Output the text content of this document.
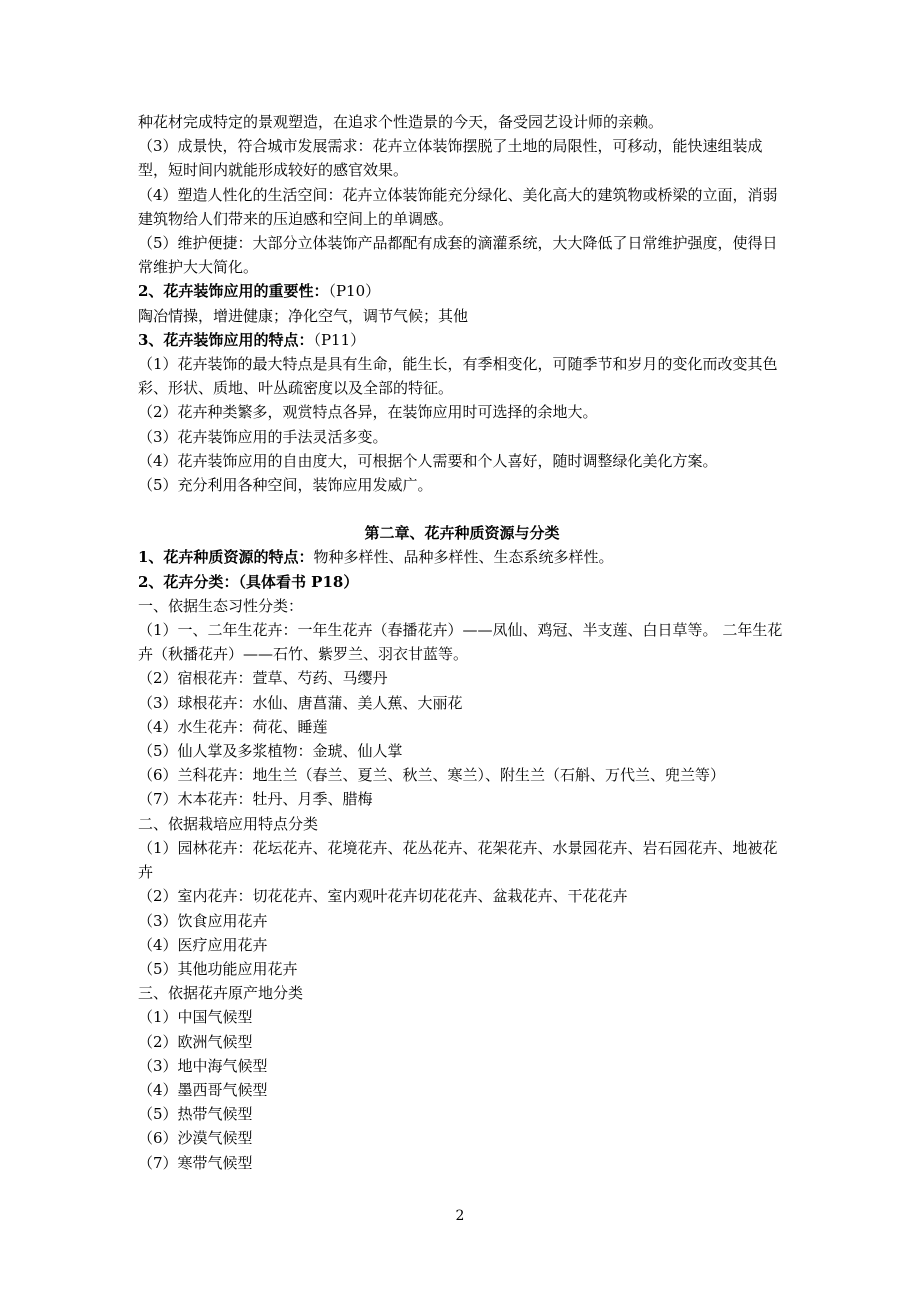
种花材完成特定的景观塑造，在追求个性造景的今天，备受园艺设计师的亲赖。

（3）成景快，符合城市发展需求：花卉立体装饰摆脱了土地的局限性，可移动，能快速组装成型，短时间内就能形成较好的感官效果。

（4）塑造人性化的生活空间：花卉立体装饰能充分绿化、美化高大的建筑物或桥梁的立面，消弱建筑物给人们带来的压迫感和空间上的单调感。

（5）维护便捷：大部分立体装饰产品都配有成套的滴灌系统，大大降低了日常维护强度，使得日常维护大大简化。

2、花卉装饰应用的重要性：（P10）

陶冶情操，增进健康；净化空气，调节气候；其他

3、花卉装饰应用的特点：（P11）

（1）花卉装饰的最大特点是具有生命，能生长，有季相变化，可随季节和岁月的变化而改变其色彩、形状、质地、叶丛疏密度以及全部的特征。

（2）花卉种类繁多，观赏特点各异，在装饰应用时可选择的余地大。

（3）花卉装饰应用的手法灵活多变。

（4）花卉装饰应用的自由度大，可根据个人需要和个人喜好，随时调整绿化美化方案。

（5）充分利用各种空间，装饰应用发威广。

第二章、花卉种质资源与分类

1、花卉种质资源的特点：物种多样性、品种多样性、生态系统多样性。

2、花卉分类：（具体看书 P18）

一、依据生态习性分类：

（1）一、二年生花卉：一年生花卉（春播花卉）——凤仙、鸡冠、半支莲、白日草等。 二年生花卉（秋播花卉）——石竹、紫罗兰、羽衣甘蓝等。

（2）宿根花卉：萱草、芍药、马缨丹

（3）球根花卉：水仙、唐菖蒲、美人蕉、大丽花

（4）水生花卉：荷花、睡莲

（5）仙人掌及多浆植物：金琥、仙人掌

（6）兰科花卉：地生兰（春兰、夏兰、秋兰、寒兰）、附生兰（石斛、万代兰、兜兰等）

（7）木本花卉：牡丹、月季、腊梅

二、依据栽培应用特点分类

（1）园林花卉：花坛花卉、花境花卉、花丛花卉、花架花卉、水景园花卉、岩石园花卉、地被花卉

（2）室内花卉：切花花卉、室内观叶花卉切花花卉、盆栽花卉、干花花卉

（3）饮食应用花卉

（4）医疗应用花卉

（5）其他功能应用花卉

三、依据花卉原产地分类

（1）中国气候型

（2）欧洲气候型

（3）地中海气候型

（4）墨西哥气候型

（5）热带气候型

（6）沙漠气候型

（7）寒带气候型

2
